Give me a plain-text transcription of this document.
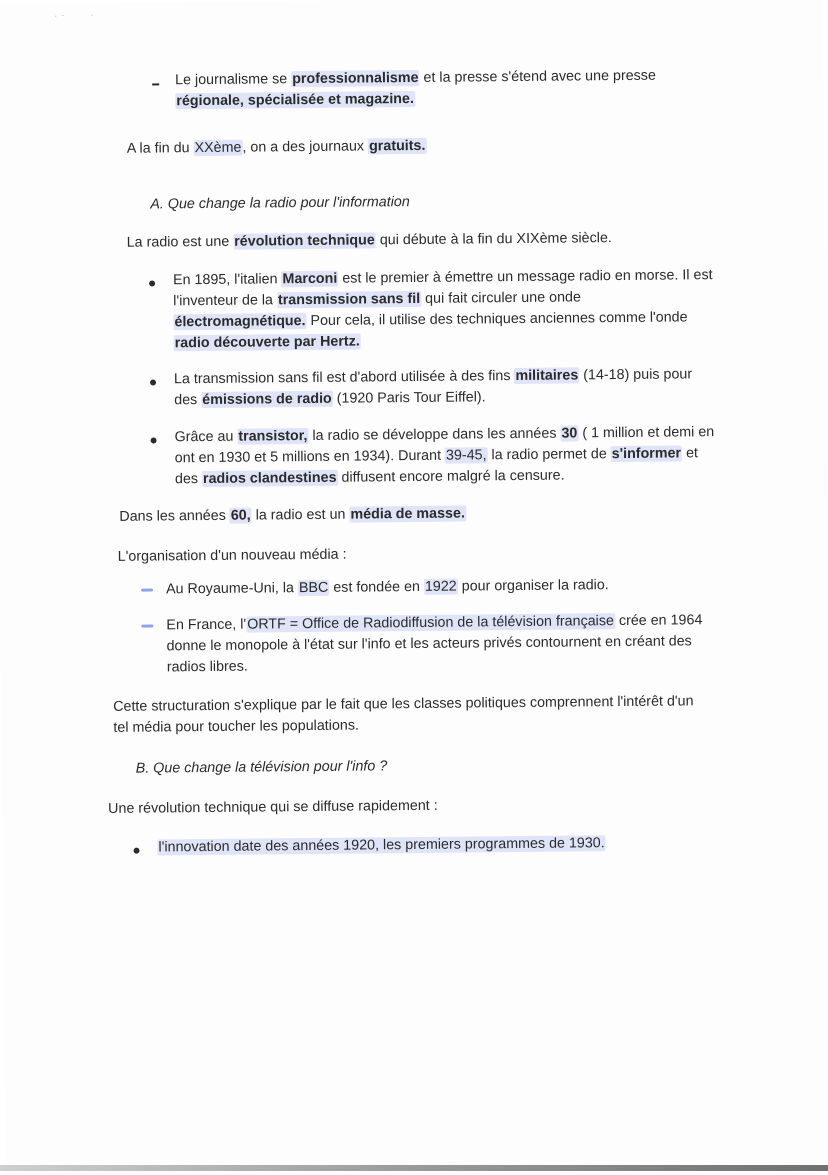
·  ‧            ‧
Le journalisme se professionnalisme et la presse s'étend avec une presse
régionale, spécialisée et magazine.
A la fin du XXème, on a des journaux gratuits.
A. Que change la radio pour l'information
La radio est une révolution technique qui débute à la fin du XIXème siècle.
En 1895, l'italien Marconi est le premier à émettre un message radio en morse. Il est
l'inventeur de la transmission sans fil qui fait circuler une onde
électromagnétique. Pour cela, il utilise des techniques anciennes comme l'onde
radio découverte par Hertz.
La transmission sans fil est d'abord utilisée à des fins militaires (14-18) puis pour
des émissions de radio (1920 Paris Tour Eiffel).
Grâce au transistor, la radio se développe dans les années 30 ( 1 million et demi en
ont en 1930 et 5 millions en 1934). Durant 39-45, la radio permet de s'informer et
des radios clandestines diffusent encore malgré la censure.
Dans les années 60, la radio est un média de masse.
L'organisation d'un nouveau média :
Au Royaume-Uni, la BBC est fondée en 1922 pour organiser la radio.
En France, l'ORTF = Office de Radiodiffusion de la télévision française crée en 1964
donne le monopole à l'état sur l'info et les acteurs privés contournent en créant des
radios libres.
Cette structuration s'explique par le fait que les classes politiques comprennent l'intérêt d'un
tel média pour toucher les populations.
B. Que change la télévision pour l'info ?
Une révolution technique qui se diffuse rapidement :
l'innovation date des années 1920, les premiers programmes de 1930.
